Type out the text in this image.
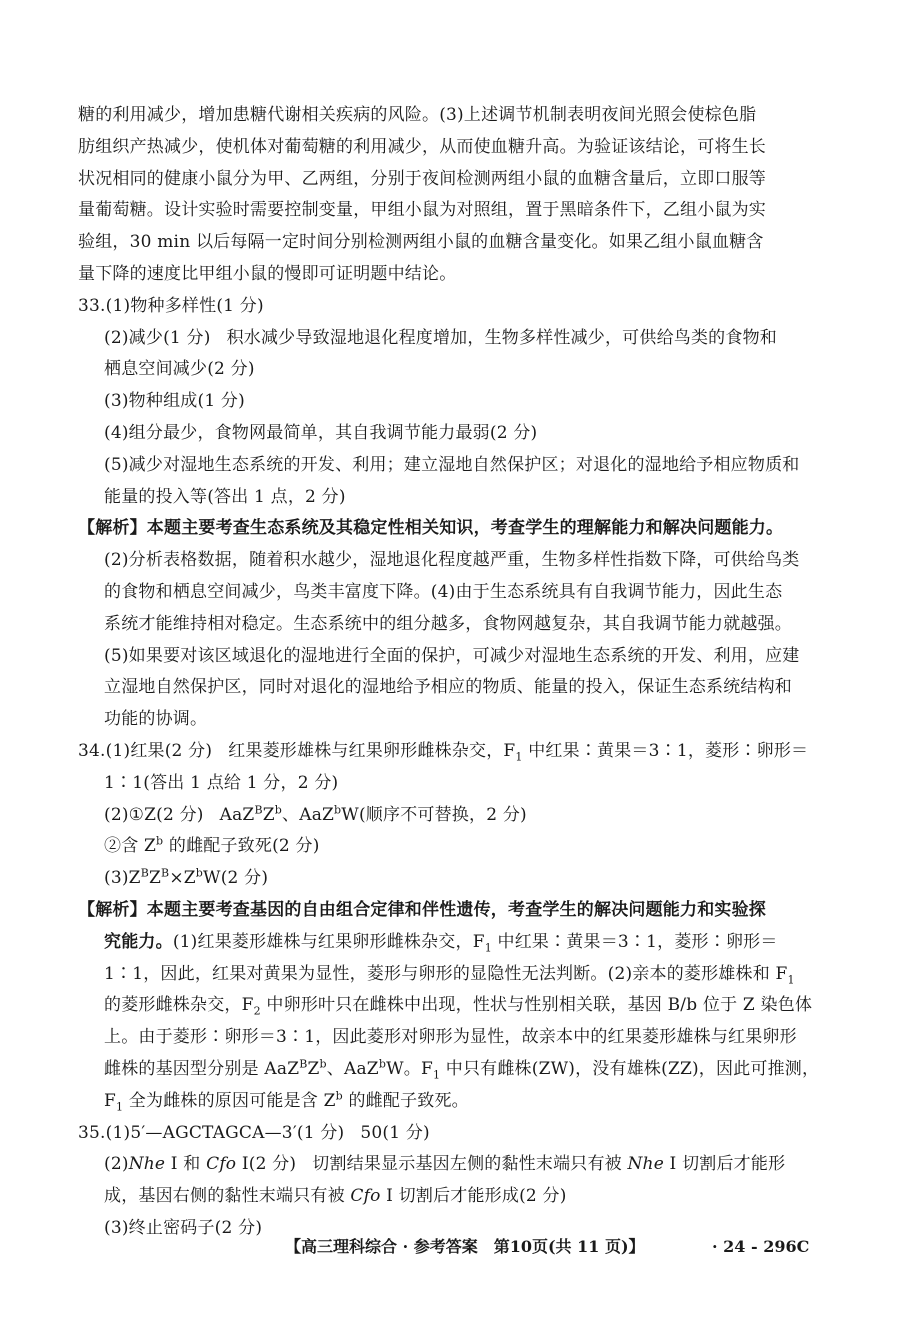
糖的利用减少，增加患糖代谢相关疾病的风险。(3)上述调节机制表明夜间光照会使棕色脂
肪组织产热减少，使机体对葡萄糖的利用减少，从而使血糖升高。为验证该结论，可将生长
状况相同的健康小鼠分为甲、乙两组，分别于夜间检测两组小鼠的血糖含量后，立即口服等
量葡萄糖。设计实验时需要控制变量，甲组小鼠为对照组，置于黑暗条件下，乙组小鼠为实
验组，30 min 以后每隔一定时间分别检测两组小鼠的血糖含量变化。如果乙组小鼠血糖含
量下降的速度比甲组小鼠的慢即可证明题中结论。
33.(1)物种多样性(1 分)
(2)减少(1 分) 积水减少导致湿地退化程度增加，生物多样性减少，可供给鸟类的食物和
栖息空间减少(2 分)
(3)物种组成(1 分)
(4)组分最少，食物网最简单，其自我调节能力最弱(2 分)
(5)减少对湿地生态系统的开发、利用；建立湿地自然保护区；对退化的湿地给予相应物质和
能量的投入等(答出 1 点，2 分)
【解析】本题主要考查生态系统及其稳定性相关知识，考查学生的理解能力和解决问题能力。
(2)分析表格数据，随着积水越少，湿地退化程度越严重，生物多样性指数下降，可供给鸟类
的食物和栖息空间减少，鸟类丰富度下降。(4)由于生态系统具有自我调节能力，因此生态
系统才能维持相对稳定。生态系统中的组分越多，食物网越复杂，其自我调节能力就越强。
(5)如果要对该区域退化的湿地进行全面的保护，可减少对湿地生态系统的开发、利用，应建
立湿地自然保护区，同时对退化的湿地给予相应的物质、能量的投入，保证生态系统结构和
功能的协调。
34.(1)红果(2 分) 红果菱形雄株与红果卵形雌株杂交，$F_1$ 中红果∶黄果＝3∶1，菱形∶卵形＝
1∶1(答出 1 点给 1 分，2 分)
(2)①Z(2 分) $AaZ^BZ^b$、AaZ$^b$W(顺序不可替换，2 分)
②含 $Z^b$ 的雌配子致死(2 分)
$(3)Z^BZ^B\times Z^bW(2$ 分)
【解析】本题主要考查基因的自由组合定律和伴性遗传，考查学生的解决问题能力和实验探
究能力。(1)红果菱形雄株与红果卵形雌株杂交，$F_1$ 中红果∶黄果＝3∶1，菱形∶卵形＝
1∶1，因此，红果对黄果为显性，菱形与卵形的显隐性无法判断。(2)亲本的菱形雄株和 $F_1$
的菱形雌株杂交，$F_2$ 中卵形叶只在雌株中出现，性状与性别相关联，基因 B/b 位于 Z 染色体
上。由于菱形∶卵形＝3∶1，因此菱形对卵形为显性，故亲本中的红果菱形雄株与红果卵形
雌株的基因型分别是 $AaZ^BZ^b$、AaZ$^b$W。$F_1$ 中只有雌株(ZW)，没有雄株(ZZ)，因此可推测，
$F_1$ 全为雌株的原因可能是含 $Z^b$ 的雌配子致死。
35.(1)5′—AGCTAGCA—3′(1 分) 50(1 分)
(2)Nhe Ⅰ 和 Cfo Ⅰ(2 分) 切割结果显示基因左侧的黏性末端只有被 Nhe Ⅰ 切割后才能形
成，基因右侧的黏性末端只有被 Cfo Ⅰ 切割后才能形成(2 分)
(3)终止密码子(2 分)
【高三理科综合 · 参考答案　第10页(共 11 页)】	· 24 - 296C
